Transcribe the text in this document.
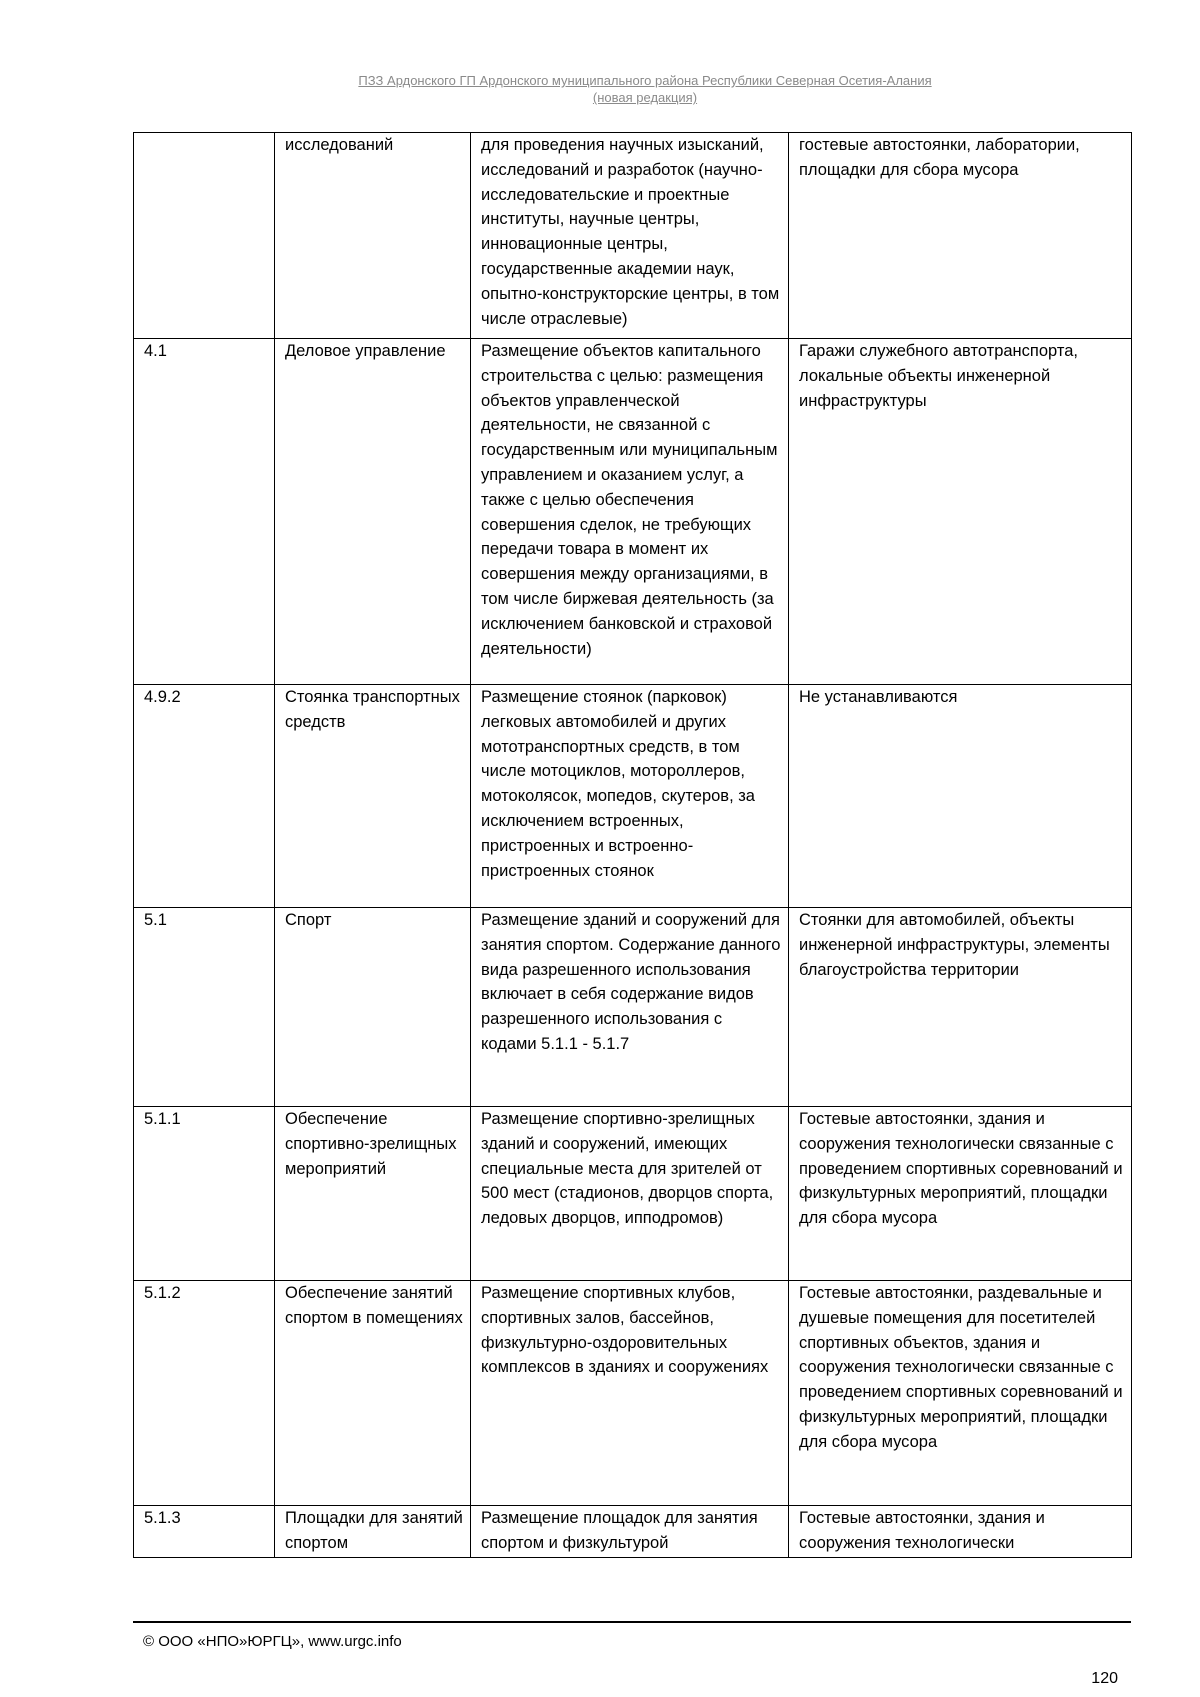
ПЗЗ Ардонского ГП Ардонского муниципального района Республики Северная Осетия-Алания
(новая редакция)
	исследований	для проведения научных изысканий, исследований и разработок (научно-исследовательские и проектные институты, научные центры, инновационные центры, государственные академии наук, опытно-конструкторские центры, в том числе отраслевые)	гостевые автостоянки, лаборатории, площадки для сбора мусора
4.1	Деловое управление	Размещение объектов капитального строительства с целью: размещения объектов управленческой деятельности, не связанной с государственным или муниципальным управлением и оказанием услуг, а также с целью обеспечения совершения сделок, не требующих передачи товара в момент их совершения между организациями, в том числе биржевая деятельность (за исключением банковской и страховой деятельности)	Гаражи служебного автотранспорта, локальные объекты инженерной инфраструктуры
4.9.2	Стоянка транспортных средств	Размещение стоянок (парковок) легковых автомобилей и других мототранспортных средств, в том числе мотоциклов, мотороллеров, мотоколясок, мопедов, скутеров, за исключением встроенных, пристроенных и встроенно-пристроенных стоянок	Не устанавливаются
5.1	Спорт	Размещение зданий и сооружений для занятия спортом. Содержание данного вида разрешенного использования включает в себя содержание видов разрешенного использования с кодами 5.1.1 - 5.1.7	Стоянки для автомобилей, объекты инженерной инфраструктуры, элементы благоустройства территории
5.1.1	Обеспечение спортивно-зрелищных мероприятий	Размещение спортивно-зрелищных зданий и сооружений, имеющих специальные места для зрителей от 500 мест (стадионов, дворцов спорта, ледовых дворцов, ипподромов)	Гостевые автостоянки, здания и сооружения технологически связанные с проведением спортивных соревнований и физкультурных мероприятий, площадки для сбора мусора
5.1.2	Обеспечение занятий спортом в помещениях	Размещение спортивных клубов, спортивных залов, бассейнов, физкультурно-оздоровительных комплексов в зданиях и сооружениях	Гостевые автостоянки, раздевальные и душевые помещения для посетителей спортивных объектов, здания и сооружения технологически связанные с проведением спортивных соревнований и физкультурных мероприятий, площадки для сбора мусора
5.1.3	Площадки для занятий спортом	Размещение площадок для занятия спортом и физкультурой	Гостевые автостоянки, здания и сооружения технологически
© ООО «НПО»ЮРГЦ», www.urgc.info
120
